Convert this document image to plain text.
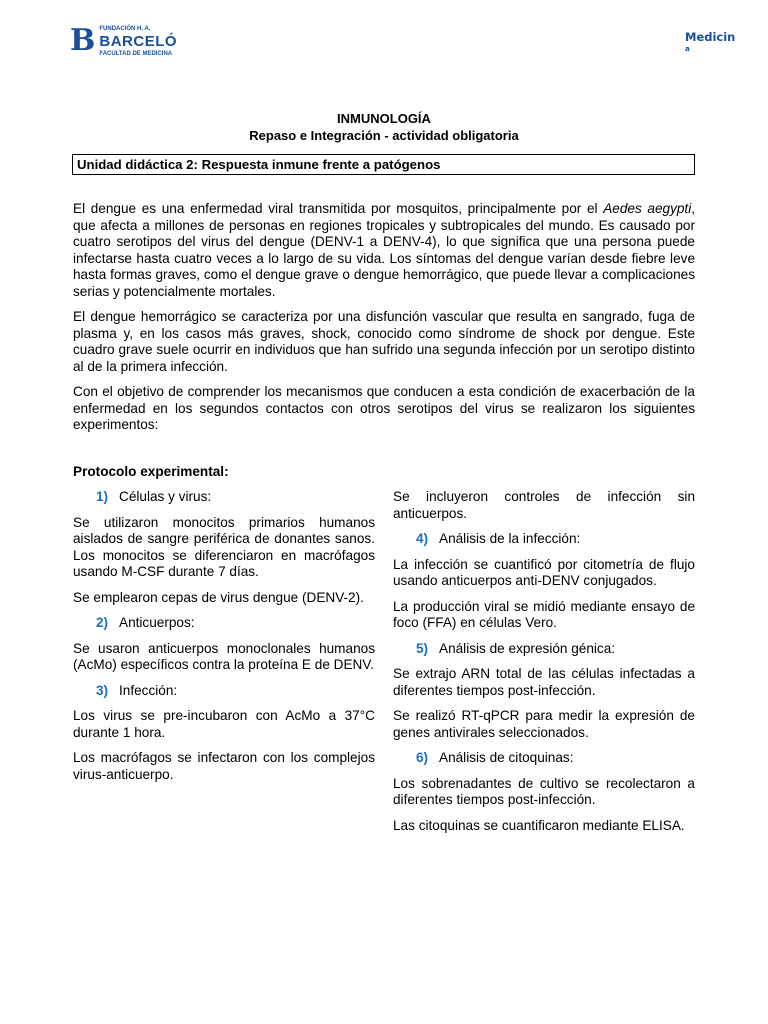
B FUNDACIÓN H. A.
BARCELÓ
FACULTAD DE MEDICINA
Medicin
a
INMUNOLOGÍA
Repaso e Integración - actividad obligatoria
Unidad didáctica 2: Respuesta inmune frente a patógenos

El dengue es una enfermedad viral transmitida por mosquitos, principalmente por el Aedes aegypti, que afecta a millones de personas en regiones tropicales y subtropicales del mundo. Es causado por cuatro serotipos del virus del dengue (DENV-1 a DENV-4), lo que significa que una persona puede infectarse hasta cuatro veces a lo largo de su vida. Los síntomas del dengue varían desde fiebre leve hasta formas graves, como el dengue grave o dengue hemorrágico, que puede llevar a complicaciones serias y potencialmente mortales.

El dengue hemorrágico se caracteriza por una disfunción vascular que resulta en sangrado, fuga de plasma y, en los casos más graves, shock, conocido como síndrome de shock por dengue. Este cuadro grave suele ocurrir en individuos que han sufrido una segunda infección por un serotipo distinto al de la primera infección.

Con el objetivo de comprender los mecanismos que conducen a esta condición de exacerbación de la enfermedad en los segundos contactos con otros serotipos del virus se realizaron los siguientes experimentos:

Protocolo experimental:

1) Células y virus:

Se utilizaron monocitos primarios humanos aislados de sangre periférica de donantes sanos. Los monocitos se diferenciaron en macrófagos usando M-CSF durante 7 días.

Se emplearon cepas de virus dengue (DENV-2).

2) Anticuerpos:

Se usaron anticuerpos monoclonales humanos (AcMo) específicos contra la proteína E de DENV.

3) Infección:

Los virus se pre-incubaron con AcMo a 37°C durante 1 hora.

Los macrófagos se infectaron con los complejos virus-anticuerpo.

Se incluyeron controles de infección sin anticuerpos.

4) Análisis de la infección:

La infección se cuantificó por citometría de flujo usando anticuerpos anti-DENV conjugados.

La producción viral se midió mediante ensayo de foco (FFA) en células Vero.

5) Análisis de expresión génica:

Se extrajo ARN total de las células infectadas a diferentes tiempos post-infección.

Se realizó RT-qPCR para medir la expresión de genes antivirales seleccionados.

6) Análisis de citoquinas:

Los sobrenadantes de cultivo se recolectaron a diferentes tiempos post-infección.

Las citoquinas se cuantificaron mediante ELISA.
